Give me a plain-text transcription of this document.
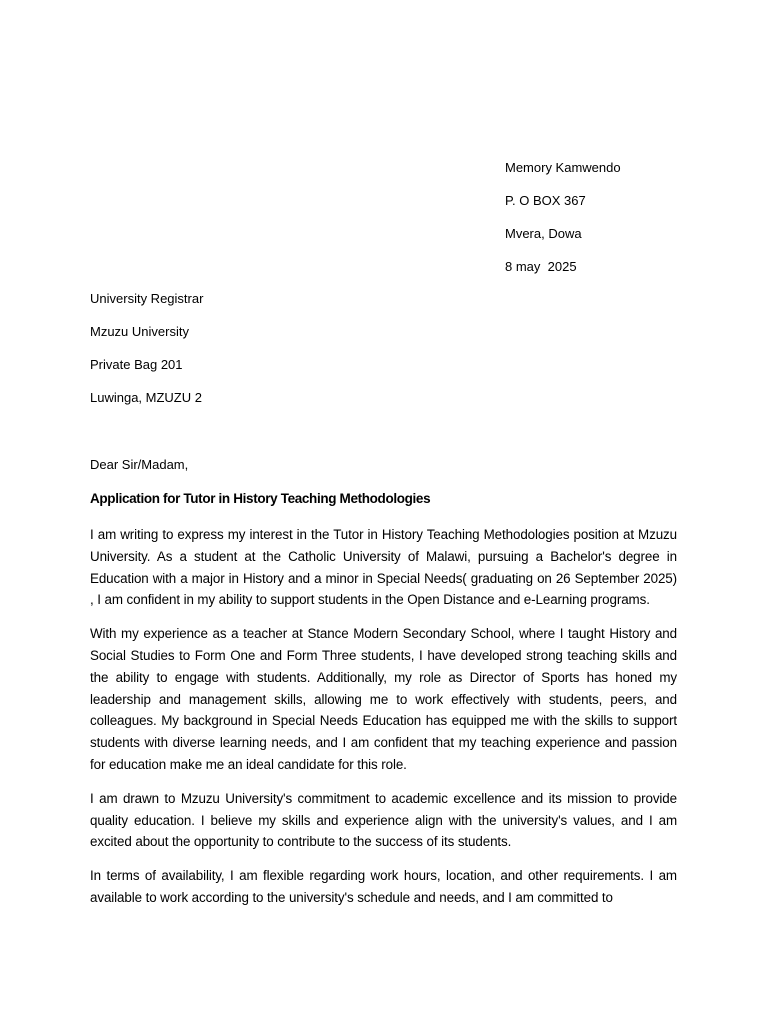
Memory Kamwendo
P. O BOX 367
Mvera, Dowa
8 may  2025
University Registrar
Mzuzu University
Private Bag 201
Luwinga, MZUZU 2
Dear Sir/Madam,
Application for Tutor in History Teaching Methodologies

I am writing to express my interest in the Tutor in History Teaching Methodologies position at Mzuzu University. As a student at the Catholic University of Malawi, pursuing a Bachelor's degree in Education with a major in History and a minor in Special Needs( graduating on 26 September 2025) , I am confident in my ability to support students in the Open Distance and e-Learning programs.

With my experience as a teacher at Stance Modern Secondary School, where I taught History and Social Studies to Form One and Form Three students, I have developed strong teaching skills and the ability to engage with students. Additionally, my role as Director of Sports has honed my leadership and management skills, allowing me to work effectively with students, peers, and colleagues. My background in Special Needs Education has equipped me with the skills to support students with diverse learning needs, and I am confident that my teaching experience and passion for education make me an ideal candidate for this role.

I am drawn to Mzuzu University's commitment to academic excellence and its mission to provide quality education. I believe my skills and experience align with the university's values, and I am excited about the opportunity to contribute to the success of its students.

In terms of availability, I am flexible regarding work hours, location, and other requirements. I am available to work according to the university's schedule and needs, and I am committed to
